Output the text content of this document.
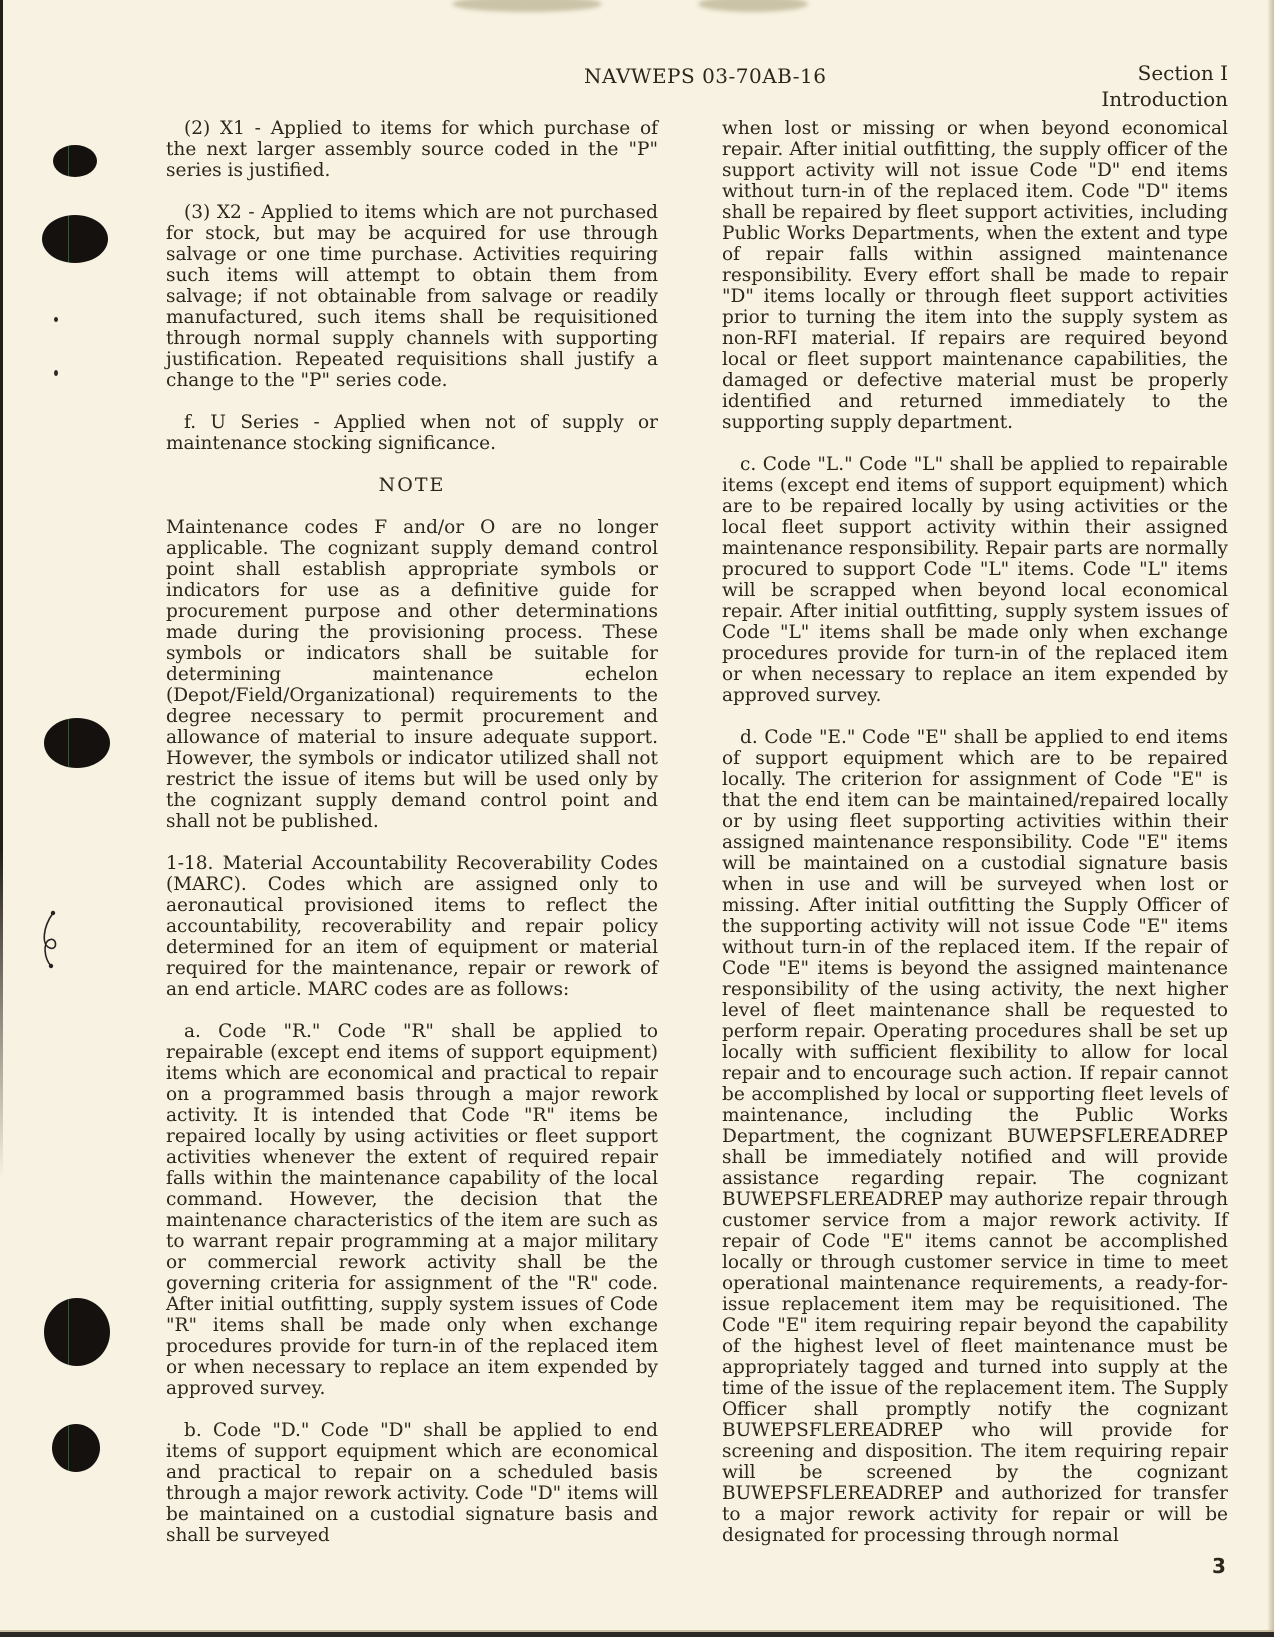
NAVWEPS 03-70AB-16	Section I
Introduction

(2) X1 - Applied to items for which purchase of the next larger assembly source coded in the "P" series is justified.

(3) X2 - Applied to items which are not purchased for stock, but may be acquired for use through salvage or one time purchase. Activities requiring such items will attempt to obtain them from salvage; if not obtainable from salvage or readily manufactured, such items shall be requisitioned through normal supply channels with supporting justification. Repeated requisitions shall justify a change to the "P" series code.

f. U Series - Applied when not of supply or maintenance stocking significance.

NOTE

Maintenance codes F and/or O are no longer applicable. The cognizant supply demand control point shall establish appropriate symbols or indicators for use as a definitive guide for procurement purpose and other determinations made during the provisioning process. These symbols or indicators shall be suitable for determining maintenance echelon (Depot/Field/Organizational) requirements to the degree necessary to permit procurement and allowance of material to insure adequate support. However, the symbols or indicator utilized shall not restrict the issue of items but will be used only by the cognizant supply demand control point and shall not be published.

1-18. Material Accountability Recoverability Codes (MARC). Codes which are assigned only to aeronautical provisioned items to reflect the accountability, recoverability and repair policy determined for an item of equipment or material required for the maintenance, repair or rework of an end article. MARC codes are as follows:

a. Code "R." Code "R" shall be applied to repairable (except end items of support equipment) items which are economical and practical to repair on a programmed basis through a major rework activity. It is intended that Code "R" items be repaired locally by using activities or fleet support activities whenever the extent of required repair falls within the maintenance capability of the local command. However, the decision that the maintenance characteristics of the item are such as to warrant repair programming at a major military or commercial rework activity shall be the governing criteria for assignment of the "R" code. After initial outfitting, supply system issues of Code "R" items shall be made only when exchange procedures provide for turn-in of the replaced item or when necessary to replace an item expended by approved survey.

b. Code "D." Code "D" shall be applied to end items of support equipment which are economical and practical to repair on a scheduled basis through a major rework activity. Code "D" items will be maintained on a custodial signature basis and shall be surveyed

when lost or missing or when beyond economical repair. After initial outfitting, the supply officer of the support activity will not issue Code "D" end items without turn-in of the replaced item. Code "D" items shall be repaired by fleet support activities, including Public Works Departments, when the extent and type of repair falls within assigned maintenance responsibility. Every effort shall be made to repair "D" items locally or through fleet support activities prior to turning the item into the supply system as non-RFI material. If repairs are required beyond local or fleet support maintenance capabilities, the damaged or defective material must be properly identified and returned immediately to the supporting supply department.

c. Code "L." Code "L" shall be applied to repairable items (except end items of support equipment) which are to be repaired locally by using activities or the local fleet support activity within their assigned maintenance responsibility. Repair parts are normally procured to support Code "L" items. Code "L" items will be scrapped when beyond local economical repair. After initial outfitting, supply system issues of Code "L" items shall be made only when exchange procedures provide for turn-in of the replaced item or when necessary to replace an item expended by approved survey.

d. Code "E." Code "E" shall be applied to end items of support equipment which are to be repaired locally. The criterion for assignment of Code "E" is that the end item can be maintained/repaired locally or by using fleet supporting activities within their assigned maintenance responsibility. Code "E" items will be maintained on a custodial signature basis when in use and will be surveyed when lost or missing. After initial outfitting the Supply Officer of the supporting activity will not issue Code "E" items without turn-in of the replaced item. If the repair of Code "E" items is beyond the assigned maintenance responsibility of the using activity, the next higher level of fleet maintenance shall be requested to perform repair. Operating procedures shall be set up locally with sufficient flexibility to allow for local repair and to encourage such action. If repair cannot be accomplished by local or supporting fleet levels of maintenance, including the Public Works Department, the cognizant BUWEPSFLEREADREP shall be immediately notified and will provide assistance regarding repair. The cognizant BUWEPSFLEREADREP may authorize repair through customer service from a major rework activity. If repair of Code "E" items cannot be accomplished locally or through customer service in time to meet operational maintenance requirements, a ready-for-issue replacement item may be requisitioned. The Code "E" item requiring repair beyond the capability of the highest level of fleet maintenance must be appropriately tagged and turned into supply at the time of the issue of the replacement item. The Supply Officer shall promptly notify the cognizant BUWEPSFLEREADREP who will provide for screening and disposition. The item requiring repair will be screened by the cognizant BUWEPSFLEREADREP and authorized for transfer to a major rework activity for repair or will be designated for processing through normal

3
